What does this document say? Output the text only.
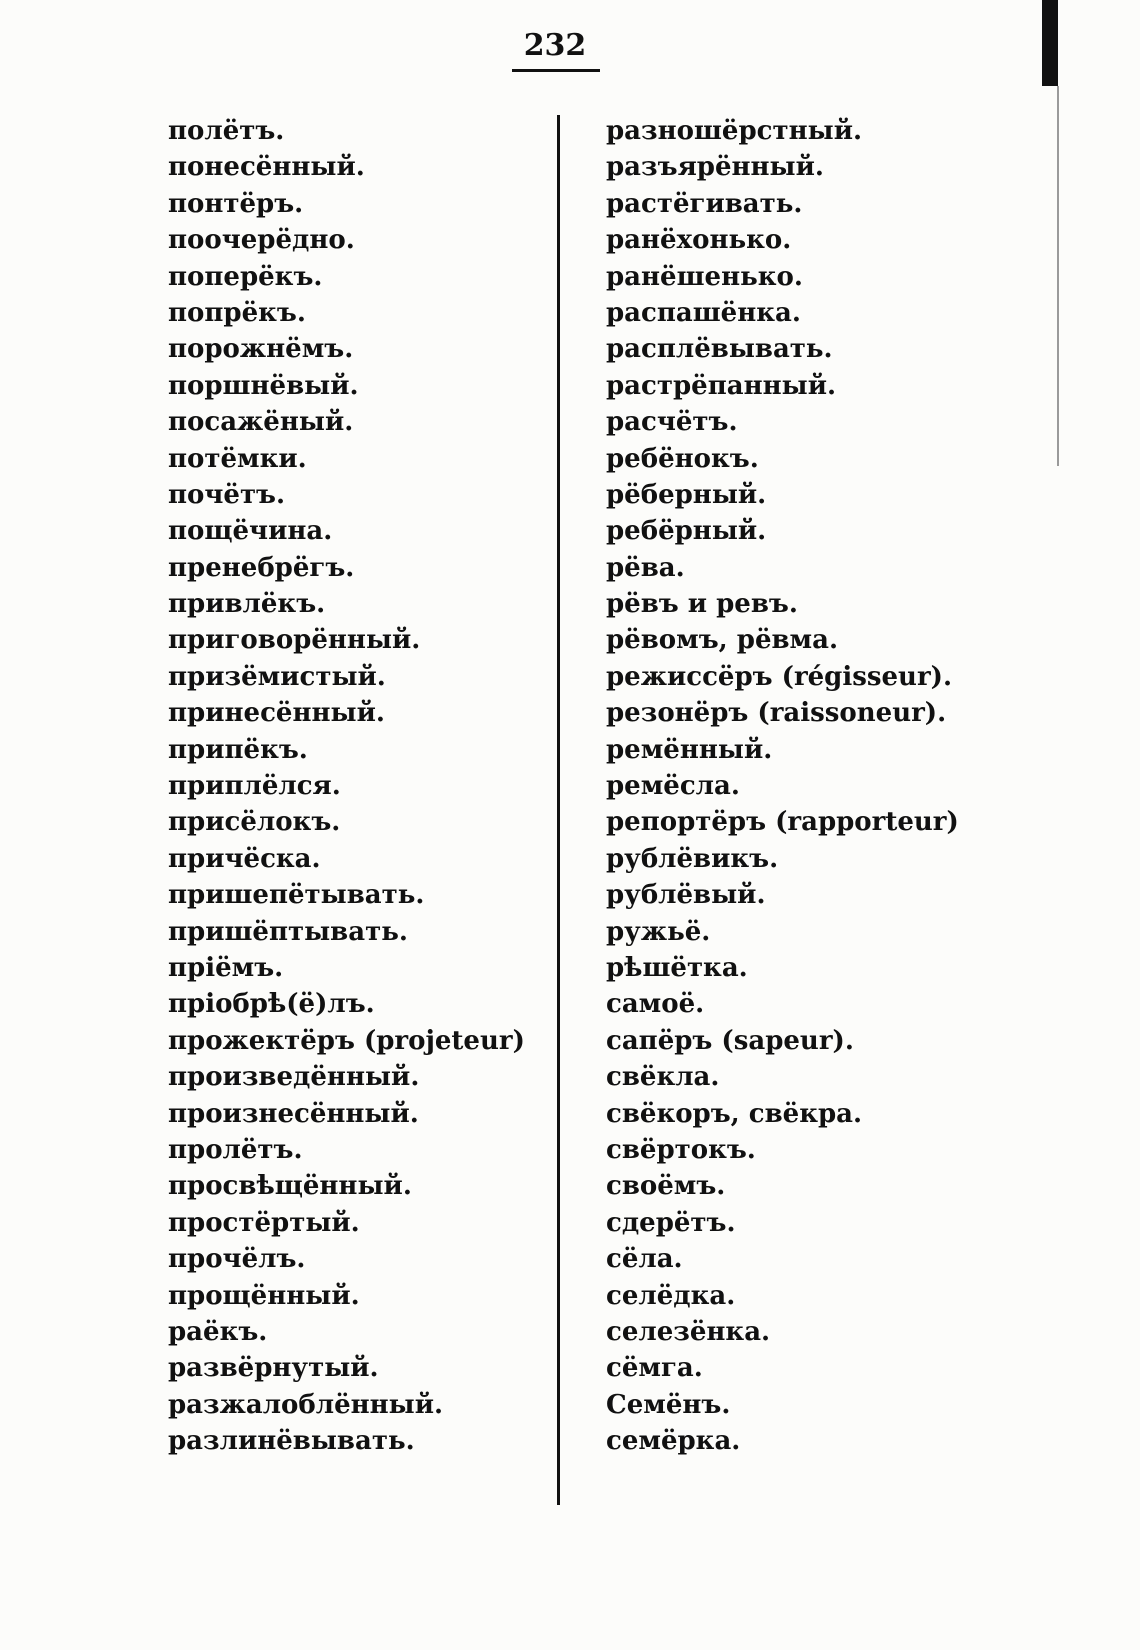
232
полётъ.
понесённый.
понтёръ.
поочерёдно.
поперёкъ.
попрёкъ.
порожнёмъ.
поршнёвый.
посажёный.
потёмки.
почётъ.
пощёчина.
пренебрёгъ.
привлёкъ.
приговорённый.
призёмистый.
принесённый.
припёкъ.
приплёлся.
присёлокъ.
причёска.
пришепётывать.
пришёптывать.
пріёмъ.
пріобрѣ(ё)лъ.
прожектёръ (projeteur)
произведённый.
произнесённый.
пролётъ.
просвѣщённый.
простёртый.
прочёлъ.
прощённый.
раёкъ.
развёрнутый.
разжалоблённый.
разлинёвывать.
разношёрстный.
разъярённый.
растёгивать.
ранёхонько.
ранёшенько.
распашёнка.
расплёвывать.
растрёпанный.
расчётъ.
ребёнокъ.
рёберный.
ребёрный.
рёва.
рёвъ и ревъ.
рёвомъ, рёвма.
режиссёръ (régisseur).
резонёръ (raissoneur).
ремённый.
ремёсла.
репортёръ (rapporteur)
рублёвикъ.
рублёвый.
ружьё.
рѣшётка.
самоё.
сапёръ (sapeur).
свёкла.
свёкоръ, свёкра.
свёртокъ.
своёмъ.
сдерётъ.
сёла.
селёдка.
селезёнка.
сёмга.
Семёнъ.
семёрка.
